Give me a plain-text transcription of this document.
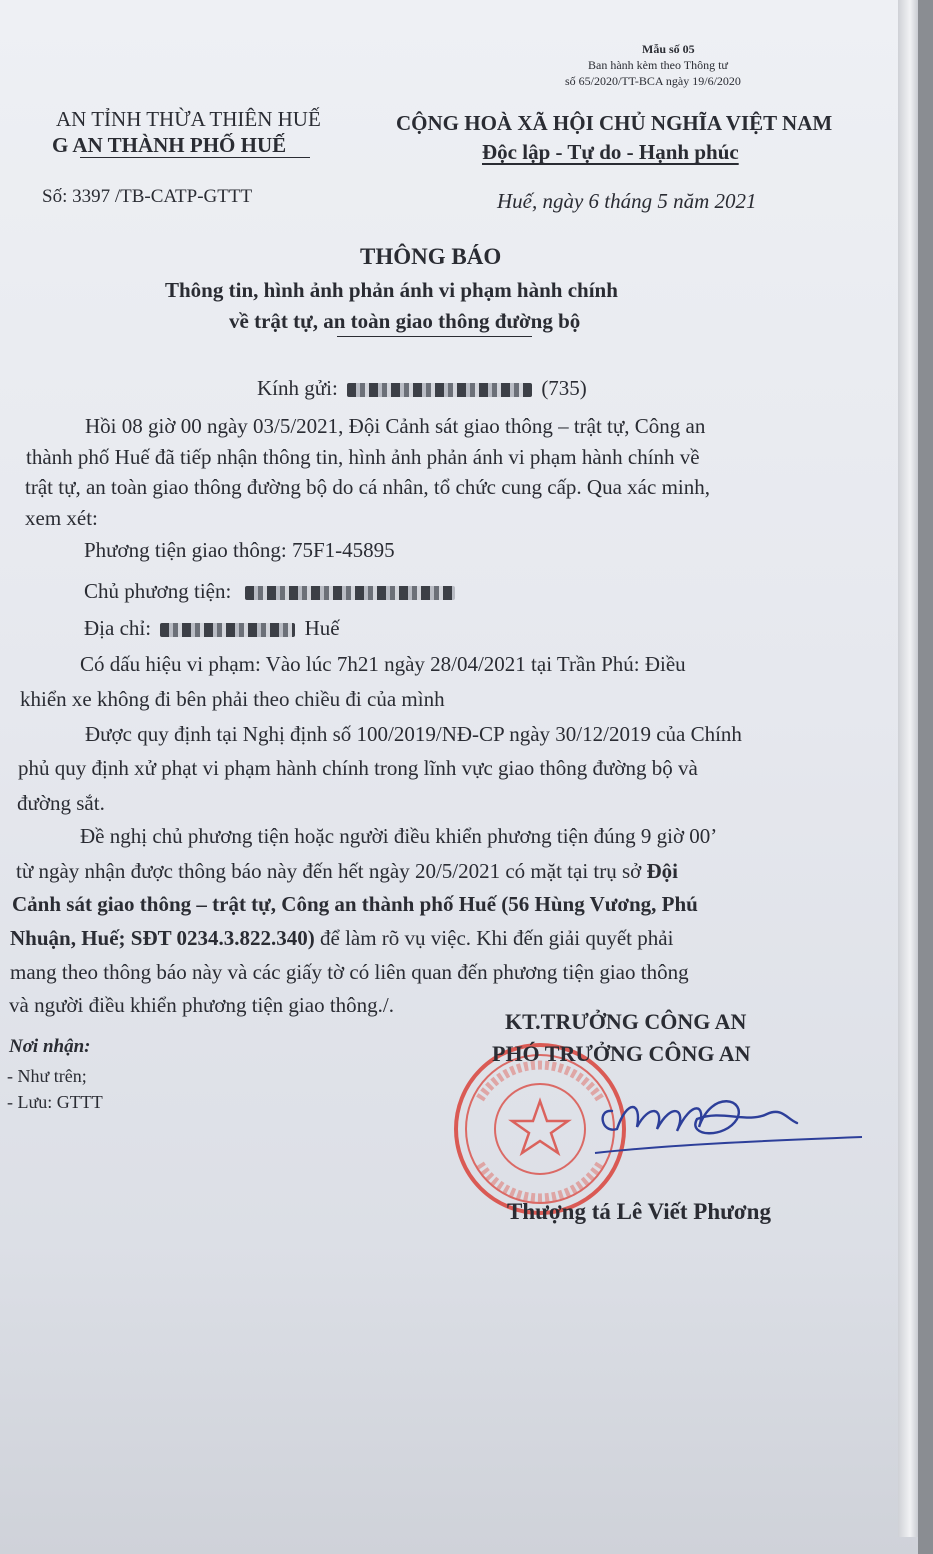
Mẫu số 05
Ban hành kèm theo Thông tư
số 65/2020/TT-BCA ngày 19/6/2020
AN TỈNH THỪA THIÊN HUẾ
G AN THÀNH PHỐ HUẾ
Số: 3397 /TB-CATP-GTTT
CỘNG HOÀ XÃ HỘI CHỦ NGHĨA VIỆT NAM
Độc lập - Tự do - Hạnh phúc
Huế, ngày 6 tháng 5 năm 2021
THÔNG BÁO
Thông tin, hình ảnh phản ánh vi phạm hành chính
về trật tự, an toàn giao thông đường bộ
Kính gửi:	(735)
Hồi 08 giờ 00 ngày 03/5/2021, Đội Cảnh sát giao thông – trật tự, Công an
thành phố Huế đã tiếp nhận thông tin, hình ảnh phản ánh vi phạm hành chính về
trật tự, an toàn giao thông đường bộ do cá nhân, tổ chức cung cấp. Qua xác minh,
xem xét:
Phương tiện giao thông: 75F1-45895
Chủ phương tiện:
Địa chỉ:	Huế
Có dấu hiệu vi phạm: Vào lúc 7h21 ngày 28/04/2021 tại Trần Phú: Điều
khiển xe không đi bên phải theo chiều đi của mình
Được quy định tại Nghị định số 100/2019/NĐ-CP ngày 30/12/2019 của Chính
phủ quy định xử phạt vi phạm hành chính trong lĩnh vực giao thông đường bộ và
đường sắt.
Đề nghị chủ phương tiện hoặc người điều khiển phương tiện đúng 9 giờ 00’
từ ngày nhận được thông báo này đến hết ngày 20/5/2021 có mặt tại trụ sở Đội
Cảnh sát giao thông – trật tự, Công an thành phố Huế (56 Hùng Vương, Phú
Nhuận, Huế; SĐT 0234.3.822.340) để làm rõ vụ việc. Khi đến giải quyết phải
mang theo thông báo này và các giấy tờ có liên quan đến phương tiện giao thông
và người điều khiển phương tiện giao thông./.
Nơi nhận:
- Như trên;
- Lưu: GTTT
KT.TRƯỞNG CÔNG AN
PHÓ TRƯỞNG CÔNG AN
Thượng tá Lê Viết Phương
